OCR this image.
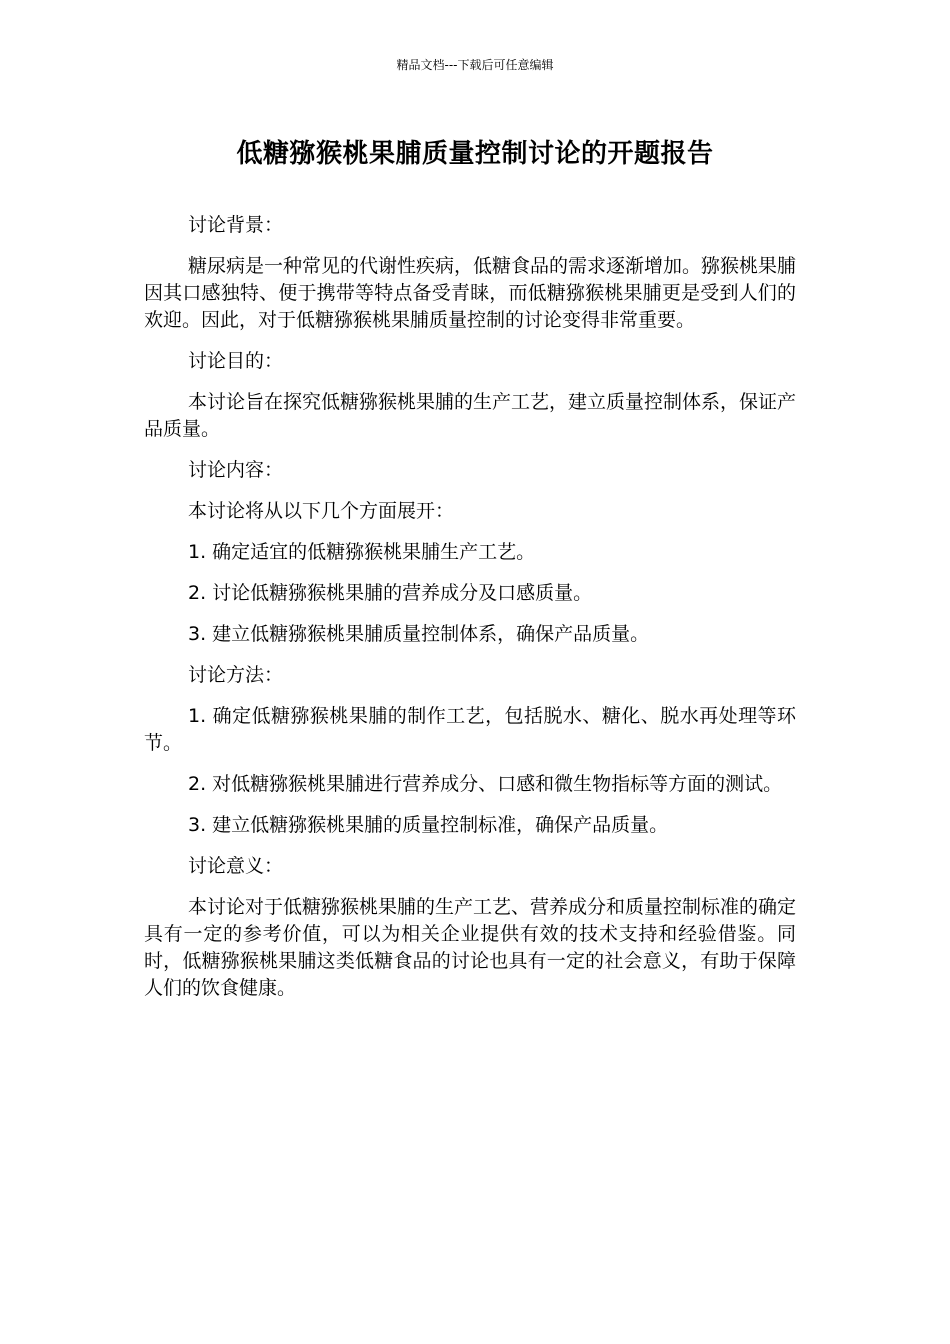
精品文档---下载后可任意编辑
低糖猕猴桃果脯质量控制讨论的开题报告

讨论背景：

糖尿病是一种常见的代谢性疾病，低糖食品的需求逐渐增加。猕猴桃果脯因其口感独特、便于携带等特点备受青睐，而低糖猕猴桃果脯更是受到人们的欢迎。因此，对于低糖猕猴桃果脯质量控制的讨论变得非常重要。

讨论目的：

本讨论旨在探究低糖猕猴桃果脯的生产工艺，建立质量控制体系，保证产品质量。

讨论内容：

本讨论将从以下几个方面展开：

1. 确定适宜的低糖猕猴桃果脯生产工艺。

2. 讨论低糖猕猴桃果脯的营养成分及口感质量。

3. 建立低糖猕猴桃果脯质量控制体系，确保产品质量。

讨论方法：

1. 确定低糖猕猴桃果脯的制作工艺，包括脱水、糖化、脱水再处理等环节。

2. 对低糖猕猴桃果脯进行营养成分、口感和微生物指标等方面的测试。

3. 建立低糖猕猴桃果脯的质量控制标准，确保产品质量。

讨论意义：

本讨论对于低糖猕猴桃果脯的生产工艺、营养成分和质量控制标准的确定具有一定的参考价值，可以为相关企业提供有效的技术支持和经验借鉴。同时，低糖猕猴桃果脯这类低糖食品的讨论也具有一定的社会意义，有助于保障人们的饮食健康。
